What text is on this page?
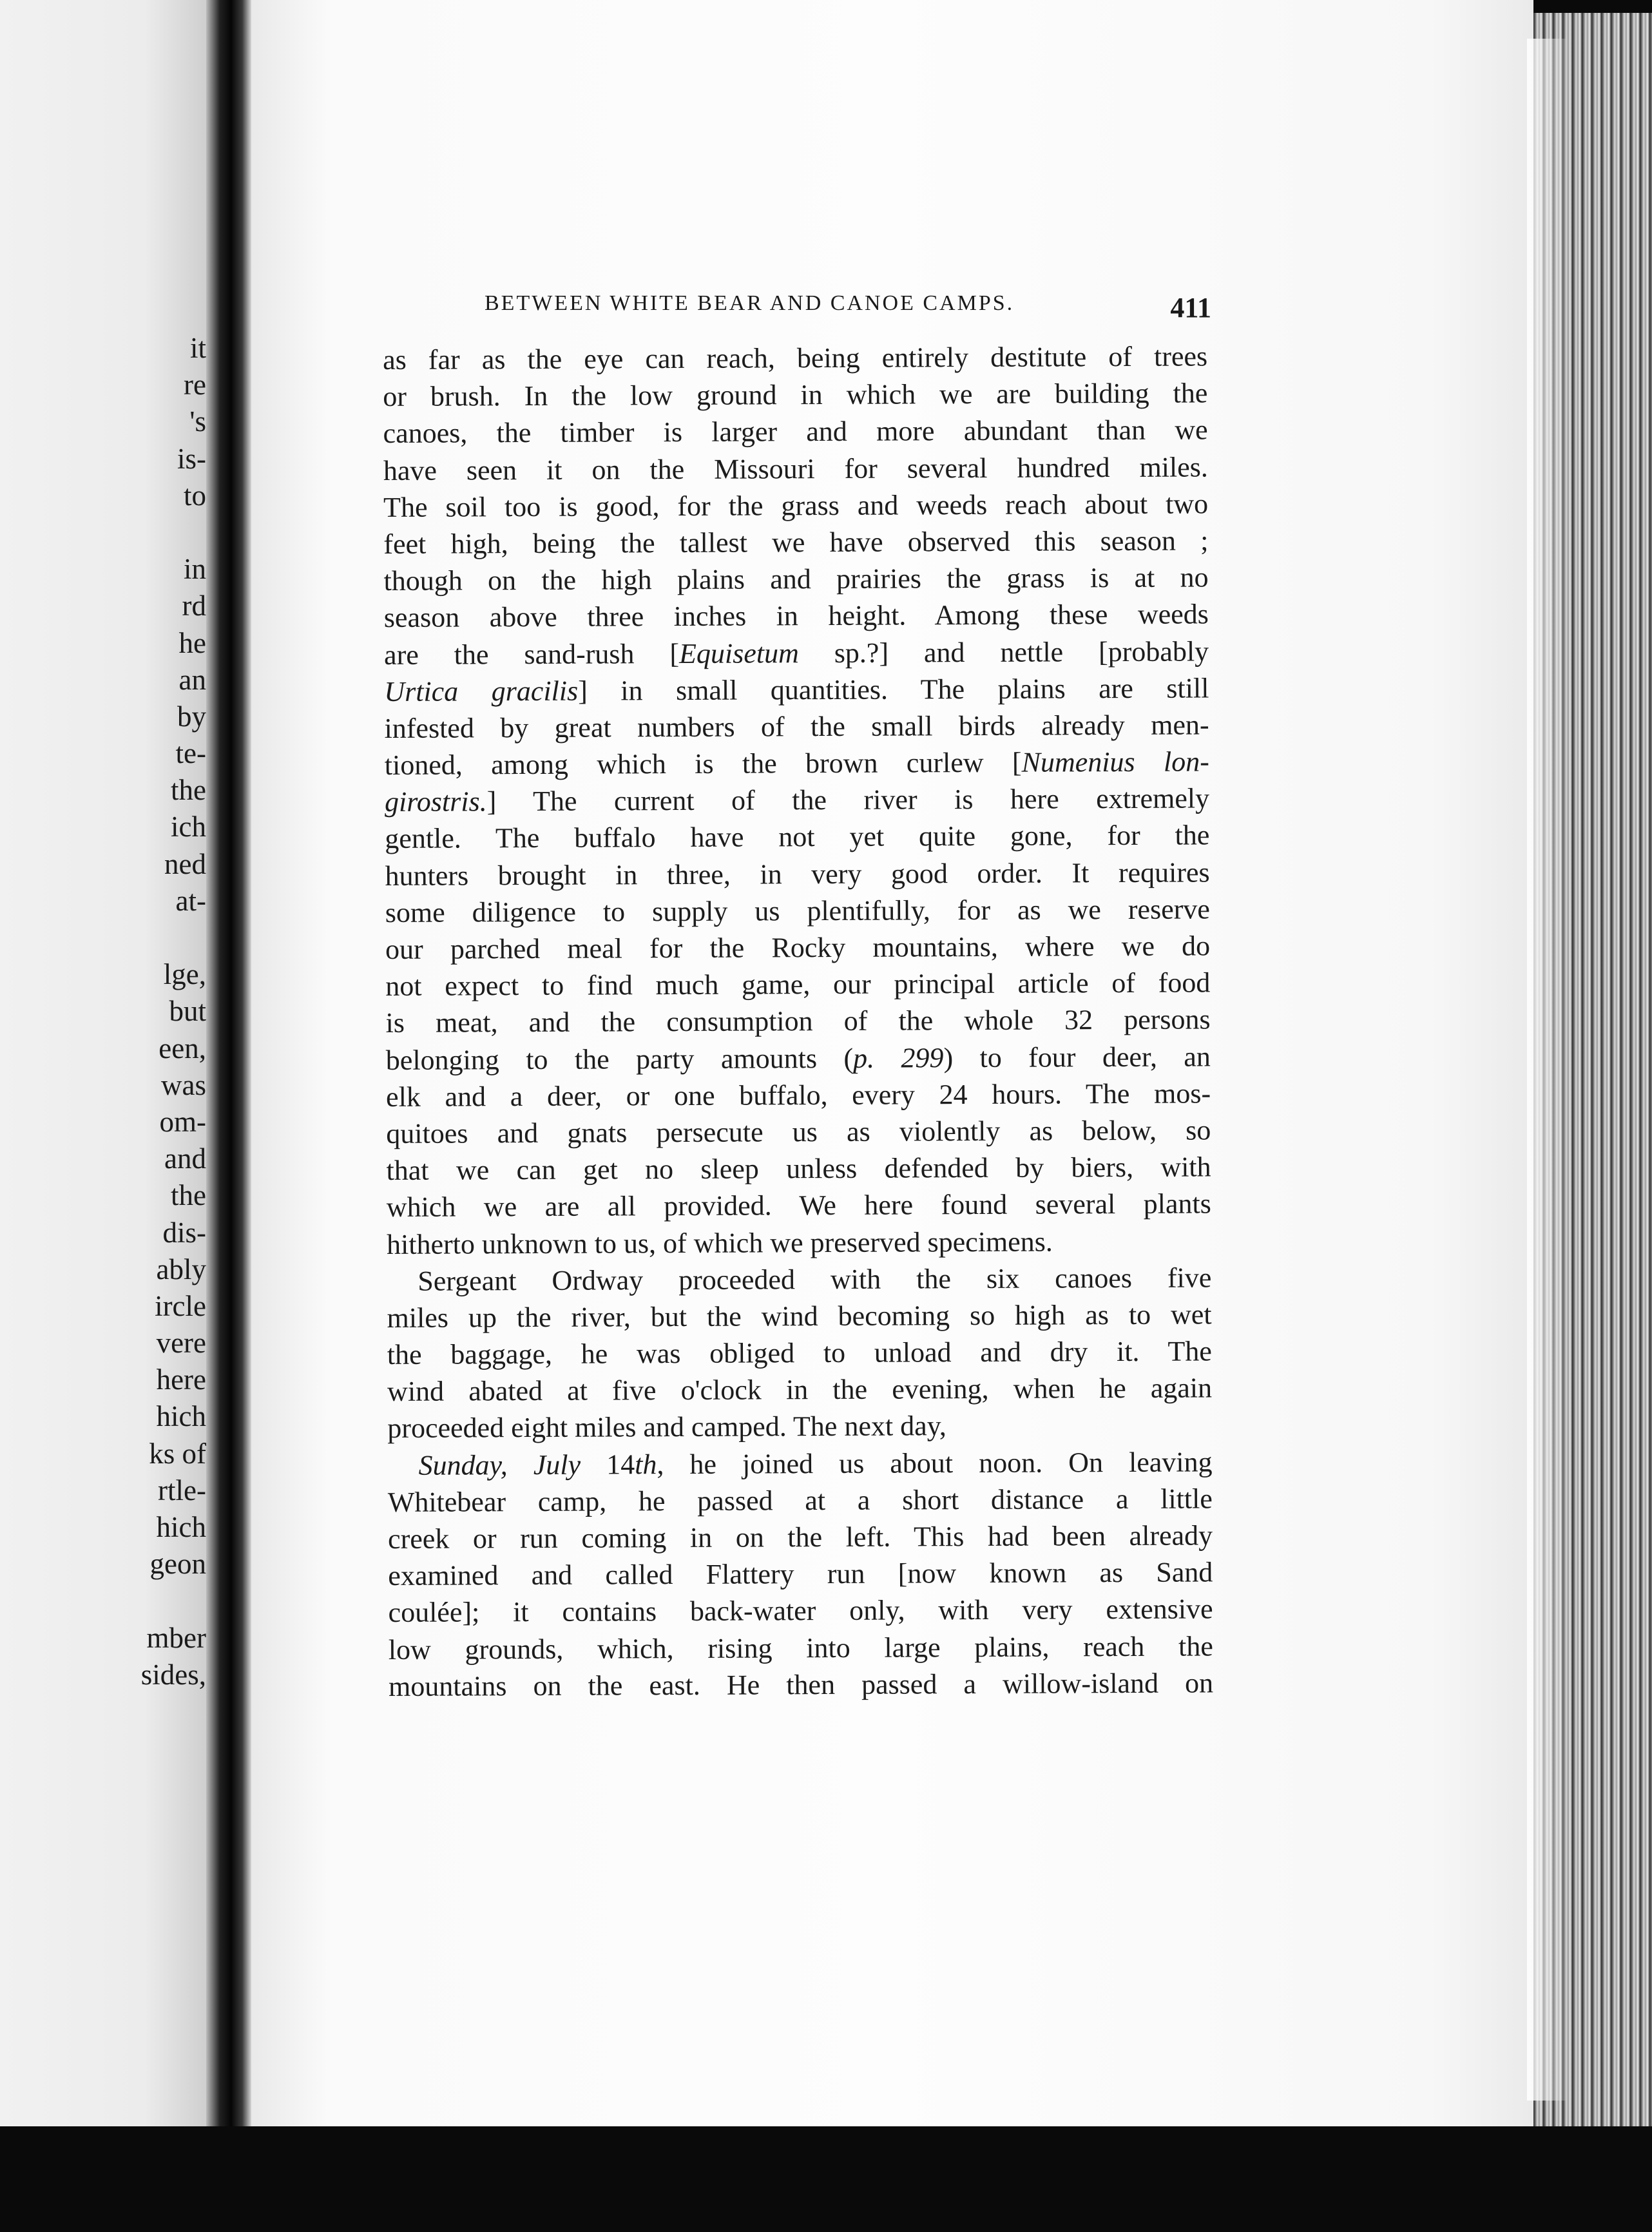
it
re
's
is-
to
in
rd
he
an
by
te-
the
ich
ned
at-
lge,
but
een,
was
om-
and
the
dis-
ably
ircle
vere
here
hich
ks of
rtle-
hich
geon
mber
sides,
BETWEEN WHITE BEAR AND CANOE CAMPS.	411
as far as the eye can reach, being entirely destitute of trees
or brush. In the low ground in which we are building the
canoes, the timber is larger and more abundant than we
have seen it on the Missouri for several hundred miles.
The soil too is good, for the grass and weeds reach about two
feet high, being the tallest we have observed this season ;
though on the high plains and prairies the grass is at no
season above three inches in height. Among these weeds
are the sand-rush [Equisetum sp.?] and nettle [probably
Urtica gracilis] in small quantities. The plains are still
infested by great numbers of the small birds already men-
tioned, among which is the brown curlew [Numenius lon-
girostris.] The current of the river is here extremely
gentle. The buffalo have not yet quite gone, for the
hunters brought in three, in very good order. It requires
some diligence to supply us plentifully, for as we reserve
our parched meal for the Rocky mountains, where we do
not expect to find much game, our principal article of food
is meat, and the consumption of the whole 32 persons
belonging to the party amounts (p. 299) to four deer, an
elk and a deer, or one buffalo, every 24 hours. The mos-
quitoes and gnats persecute us as violently as below, so
that we can get no sleep unless defended by biers, with
which we are all provided. We here found several plants
hitherto unknown to us, of which we preserved specimens.
Sergeant Ordway proceeded with the six canoes five
miles up the river, but the wind becoming so high as to wet
the baggage, he was obliged to unload and dry it. The
wind abated at five o'clock in the evening, when he again
proceeded eight miles and camped. The next day,
Sunday, July 14th, he joined us about noon. On leaving
Whitebear camp, he passed at a short distance a little
creek or run coming in on the left. This had been already
examined and called Flattery run [now known as Sand
coulée]; it contains back-water only, with very extensive
low grounds, which, rising into large plains, reach the
mountains on the east. He then passed a willow-island on
